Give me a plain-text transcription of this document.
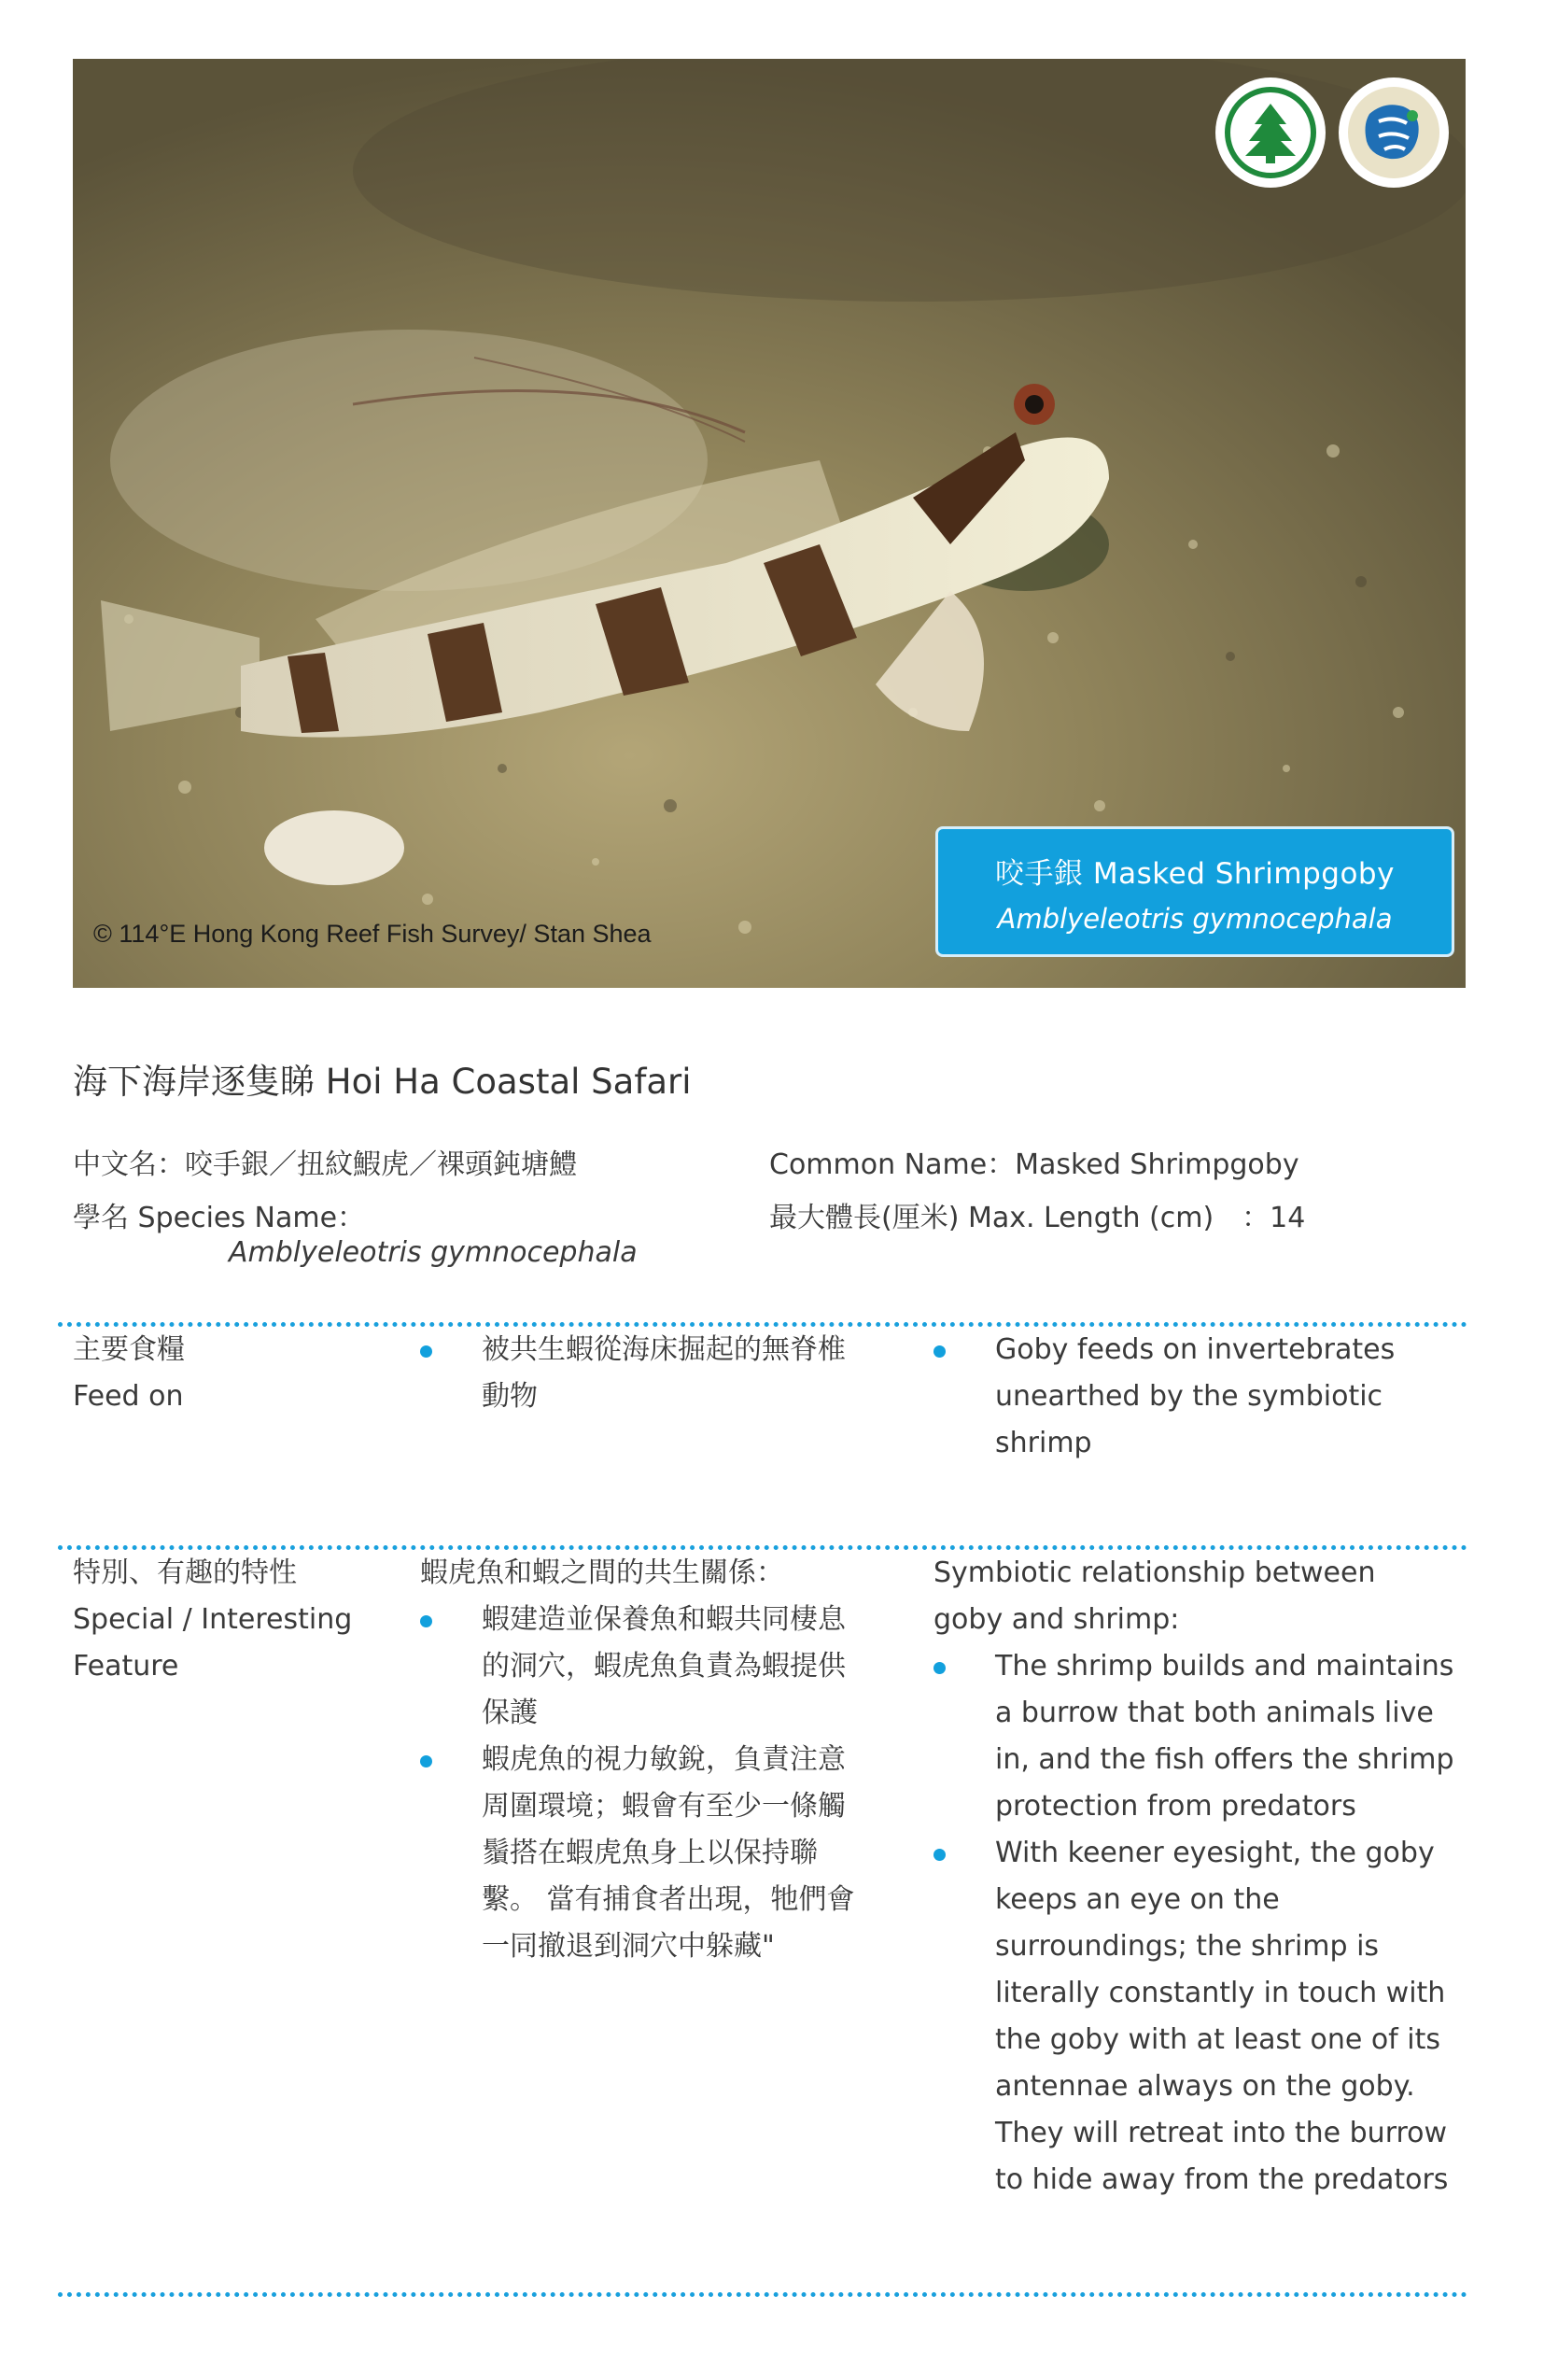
© 114°E Hong Kong Reef Fish Survey/ Stan Shea
咬手銀 Masked Shrimpgoby
Amblyeleotris gymnocephala
海下海岸逐隻睇 Hoi Ha Coastal Safari
中文名：咬手銀／扭紋鰕虎／裸頭鈍塘鱧	Common Name：Masked Shrimpgoby
學名 Species Name：	最大體長(厘米) Max. Length (cm)　：14
Amblyeleotris gymnocephala
主要食糧
Feed on
被共生蝦從海床掘起的無脊椎動物
Goby feeds on invertebrates unearthed by the symbiotic shrimp
特別、有趣的特性
Special / Interesting Feature
蝦虎魚和蝦之間的共生關係：
蝦建造並保養魚和蝦共同棲息的洞穴，蝦虎魚負責為蝦提供保護
蝦虎魚的視力敏銳，負責注意周圍環境；蝦會有至少一條觸鬚搭在蝦虎魚身上以保持聯繫。 當有捕食者出現，牠們會一同撤退到洞穴中躲藏"
Symbiotic relationship between goby and shrimp:
The shrimp builds and maintains a burrow that both animals live in, and the fish offers the shrimp protection from predators
With keener eyesight, the goby keeps an eye on the surroundings; the shrimp is literally constantly in touch with the goby with at least one of its antennae always on the goby. They will retreat into the burrow to hide away from the predators
